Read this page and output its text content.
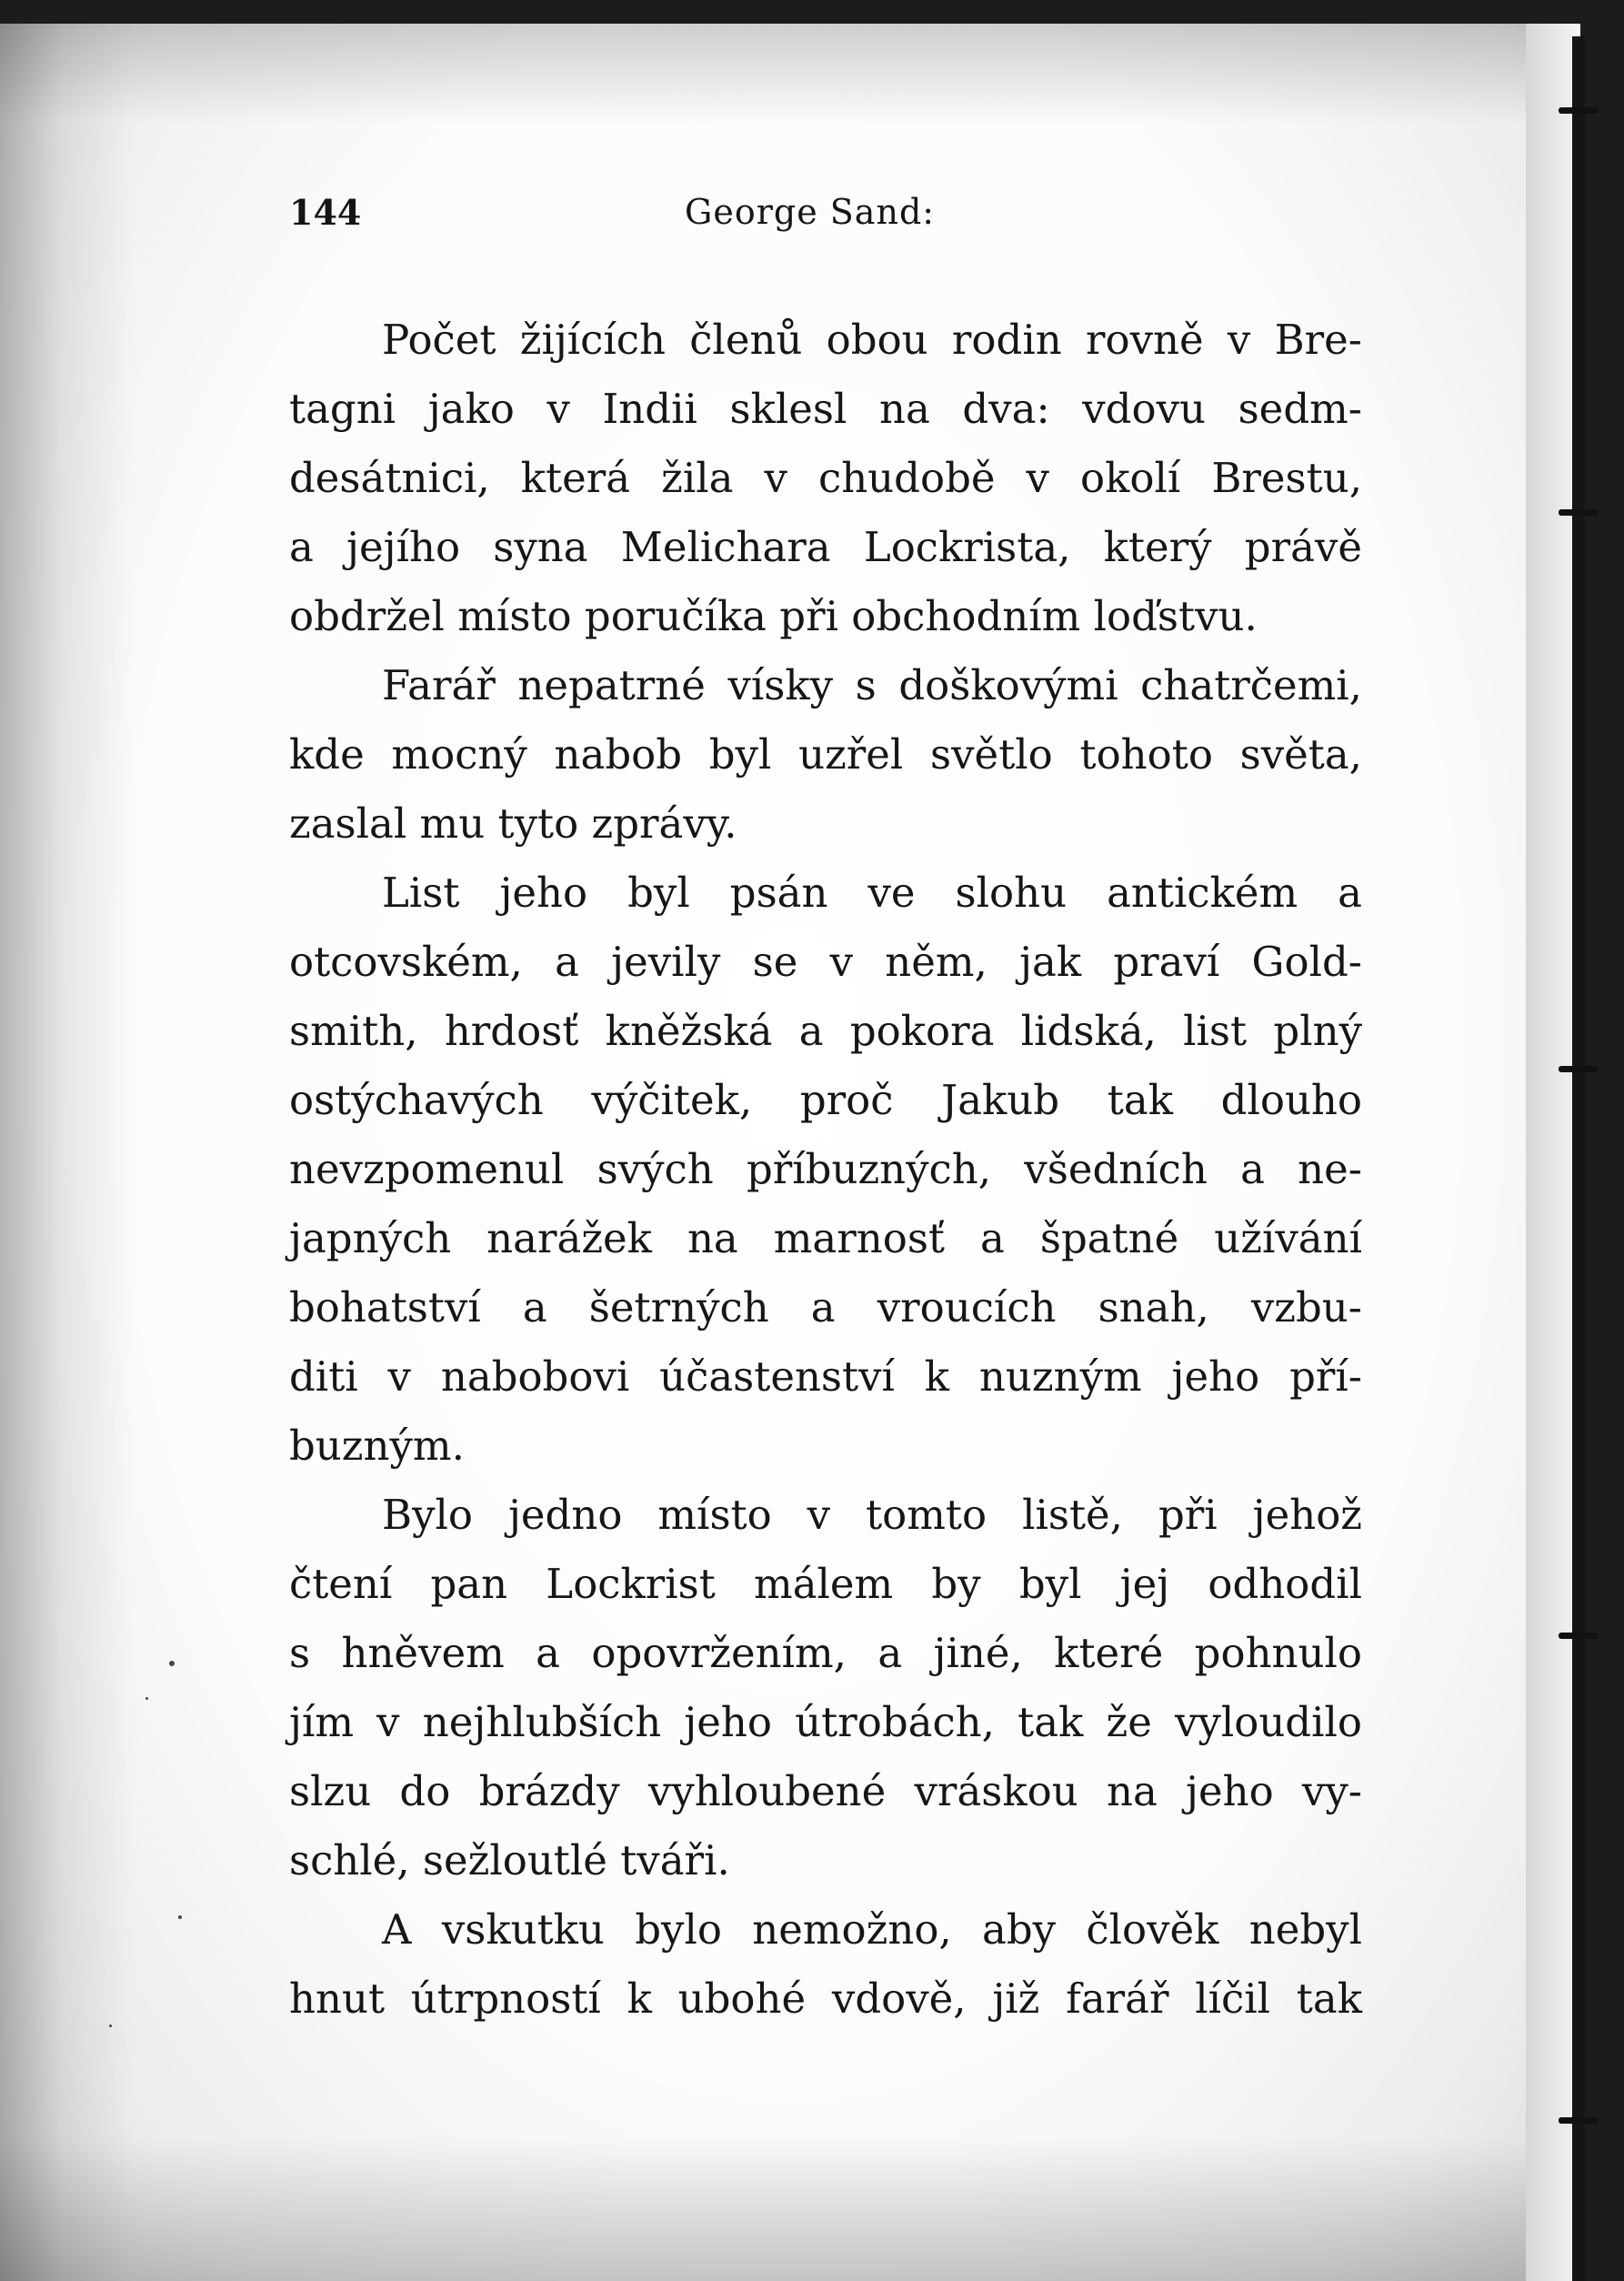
144	George Sand:

Počet žijících členů obou rodin rovně v Bre-
tagni jako v Indii sklesl na dva: vdovu sedm-
desátnici, která žila v chudobě v okolí Brestu,
a jejího syna Melichara Lockrista, který právě
obdržel místo poručíka při obchodním loďstvu.

Farář nepatrné vísky s doškovými chatrčemi,
kde mocný nabob byl uzřel světlo tohoto světa,
zaslal mu tyto zprávy.

List jeho byl psán ve slohu antickém a
otcovském, a jevily se v něm, jak praví Gold-
smith, hrdosť kněžská a pokora lidská, list plný
ostýchavých výčitek, proč Jakub tak dlouho
nevzpomenul svých příbuzných, všedních a ne-
japných narážek na marnosť a špatné užívání
bohatství a šetrných a vroucích snah, vzbu-
diti v nabobovi účastenství k nuzným jeho pří-
buzným.

Bylo jedno místo v tomto listě, při jehož
čtení pan Lockrist málem by byl jej odhodil
s hněvem a opovržením, a jiné, které pohnulo
jím v nejhlubších jeho útrobách, tak že vyloudilo
slzu do brázdy vyhloubené vráskou na jeho vy-
schlé, sežloutlé tváři.

A vskutku bylo nemožno, aby člověk nebyl
hnut útrpností k ubohé vdově, již farář líčil tak
